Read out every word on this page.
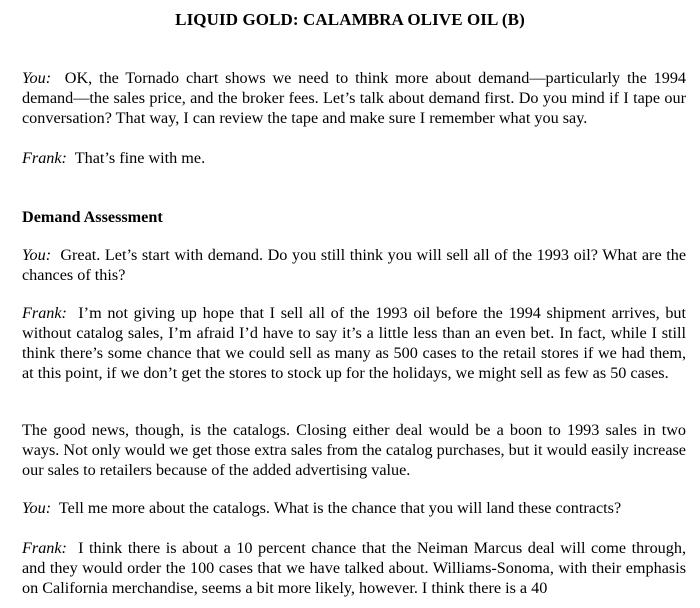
LIQUID GOLD: CALAMBRA OLIVE OIL (B)
You: OK, the Tornado chart shows we need to think more about demand—particularly the 1994 demand—the sales price, and the broker fees. Let’s talk about demand first. Do you mind if I tape our conversation? That way, I can review the tape and make sure I remember what you say.
Frank: That’s fine with me.
Demand Assessment
You: Great. Let’s start with demand. Do you still think you will sell all of the 1993 oil? What are the chances of this?
Frank: I’m not giving up hope that I sell all of the 1993 oil before the 1994 shipment arrives, but without catalog sales, I’m afraid I’d have to say it’s a little less than an even bet. In fact, while I still think there’s some chance that we could sell as many as 500 cases to the retail stores if we had them, at this point, if we don’t get the stores to stock up for the holidays, we might sell as few as 50 cases.
The good news, though, is the catalogs. Closing either deal would be a boon to 1993 sales in two ways. Not only would we get those extra sales from the catalog purchases, but it would easily increase our sales to retailers because of the added advertising value.
You: Tell me more about the catalogs. What is the chance that you will land these contracts?
Frank: I think there is about a 10 percent chance that the Neiman Marcus deal will come through, and they would order the 100 cases that we have talked about. Williams-Sonoma, with their emphasis on California merchandise, seems a bit more likely, however. I think there is a 40
